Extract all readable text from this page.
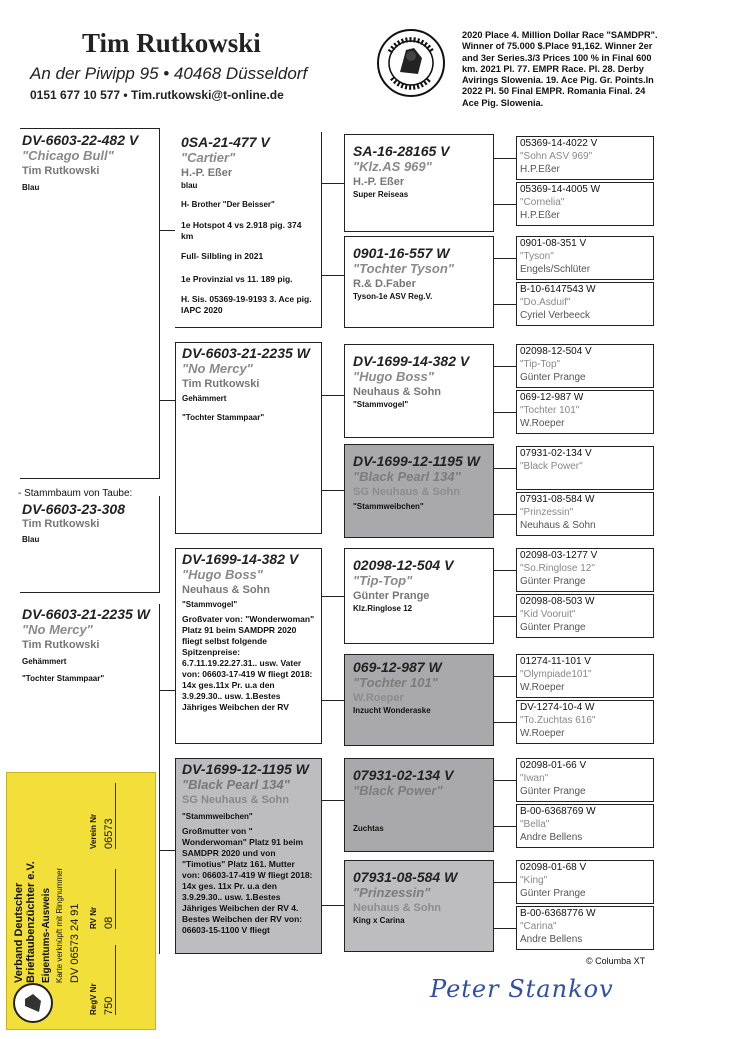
Tim Rutkowski
An der Piwipp 95 • 40468 Düsseldorf
0151 677 10 577 • Tim.rutkowski@t-online.de
2020 Place 4. Million Dollar Race "SAMDPR". Winner of 75.000 $.Place 91,162. Winner 2er and 3er Series.3/3 Prices 100 % in Final 600 km. 2021 Pl. 77. EMPR Race. Pl. 28. Derby Avirings Slowenia. 19. Ace Pig. Gr. Points.In 2022 Pl. 50 Final EMPR. Romania Final. 24 Ace Pig. Slowenia.
DV-6603-22-482 V
"Chicago Bull"
Tim Rutkowski
Blau
- Stammbaum von Taube:
DV-6603-23-308
Tim Rutkowski
Blau
DV-6603-21-2235 W
"No Mercy"
Tim Rutkowski
Gehämmert
"Tochter Stammpaar"
0SA-21-477 V
"Cartier"
H.-P. Eßer
blau
H- Brother "Der Beisser"
1e Hotspot 4 vs 2.918 pig. 374 km
Full- Silbling in 2021
1e Provinzial vs 11. 189 pig.
H. Sis. 05369-19-9193 3. Ace pig. IAPC 2020
DV-6603-21-2235 W
"No Mercy"
Tim Rutkowski
Gehämmert
"Tochter Stammpaar"
DV-1699-14-382 V
"Hugo Boss"
Neuhaus & Sohn
"Stammvogel"
Großvater von: "Wonderwoman" Platz 91 beim SAMDPR 2020 fliegt selbst folgende Spitzenpreise: 6.7.11.19.22.27.31.. usw. Vater von: 06603-17-419 W fliegt 2018: 14x ges.11x Pr. u.a den 3.9.29.30.. usw. 1.Bestes Jähriges Weibchen der RV
DV-1699-12-1195 W
"Black Pearl 134"
SG Neuhaus & Sohn
"Stammweibchen"
Großmutter von " Wonderwoman" Platz 91 beim SAMDPR 2020 und von "Timotius" Platz 161. Mutter von: 06603-17-419 W fliegt 2018: 14x ges. 11x Pr. u.a den 3.9.29.30.. usw. 1.Bestes Jähriges Weibchen der RV 4. Bestes Weibchen der RV von: 06603-15-1100 V fliegt
SA-16-28165 V
"Klz.AS 969"
H.-P. Eßer
Super Reiseas
0901-16-557 W
"Tochter Tyson"
R.& D.Faber
Tyson-1e ASV Reg.V.
DV-1699-14-382 V
"Hugo Boss"
Neuhaus & Sohn
"Stammvogel"
DV-1699-12-1195 W
"Black Pearl 134"
SG Neuhaus & Sohn
"Stammweibchen"
02098-12-504 V
"Tip-Top"
Günter Prange
Klz.Ringlose 12
069-12-987 W
"Tochter 101"
W.Roeper
Inzucht Wonderaske
07931-02-134 V
"Black Power"
Zuchtas
07931-08-584 W
"Prinzessin"
Neuhaus & Sohn
King x Carina
05369-14-4022 V
"Sohn ASV 969"
H.P.Eßer
05369-14-4005 W
"Cornelia"
H.P.Eßer
0901-08-351 V
"Tyson"
Engels/Schlüter
B-10-6147543 W
"Do.Asduif"
Cyriel Verbeeck
02098-12-504 V
"Tip-Top"
Günter Prange
069-12-987 W
"Tochter 101"
W.Roeper
07931-02-134 V
"Black Power"
07931-08-584 W
"Prinzessin"
Neuhaus & Sohn
02098-03-1277 V
"So.Ringlose 12"
Günter Prange
02098-08-503 W
"Kid Vooruit"
Günter Prange
01274-11-101 V
"Olympiade101"
W.Roeper
DV-1274-10-4 W
"To.Zuchtas 616"
W.Roeper
02098-01-66 V
"Iwan"
Günter Prange
B-00-6368769 W
"Bella"
Andre Bellens
02098-01-68 V
"King"
Günter Prange
B-00-6368776 W
"Carina"
Andre Bellens
Verband Deutscher Brieftaubenzüchter e.V. Eigentums-Ausweis Karte verknüpft mit Ringnummer DV 06573 24 91
RegV Nr
RV Nr
Verein Nr
750
08
06573
© Columba XT
Peter Stankov
